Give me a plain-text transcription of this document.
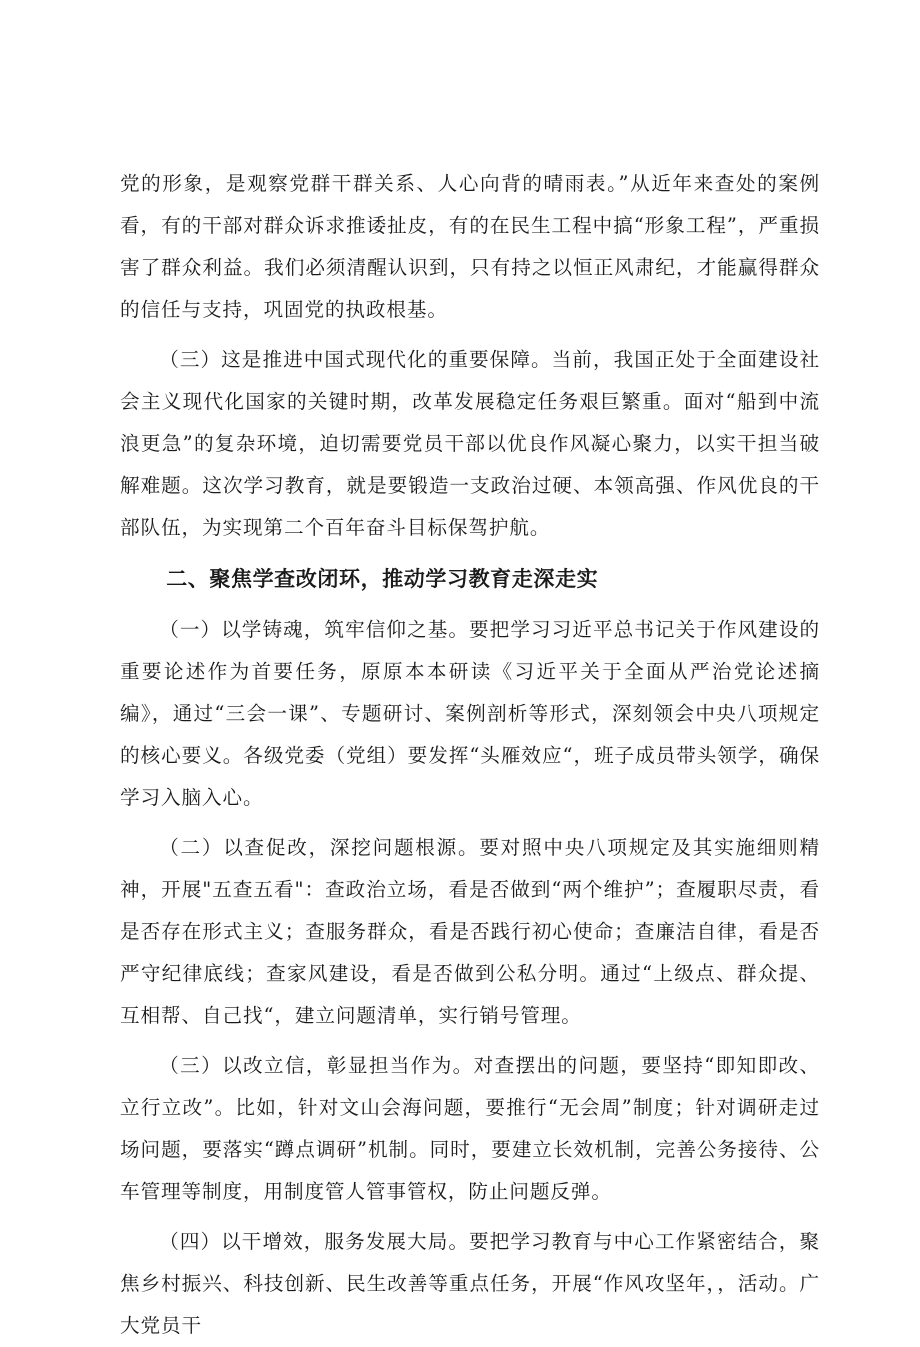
党的形象，是观察党群干群关系、人心向背的晴雨表。”从近年来查处的案例看，有的干部对群众诉求推诿扯皮，有的在民生工程中搞“形象工程”，严重损害了群众利益。我们必须清醒认识到，只有持之以恒正风肃纪，才能赢得群众的信任与支持，巩固党的执政根基。

（三）这是推进中国式现代化的重要保障。当前，我国正处于全面建设社会主义现代化国家的关键时期，改革发展稳定任务艰巨繁重。面对“船到中流浪更急”的复杂环境，迫切需要党员干部以优良作风凝心聚力，以实干担当破解难题。这次学习教育，就是要锻造一支政治过硬、本领高强、作风优良的干部队伍，为实现第二个百年奋斗目标保驾护航。

二、聚焦学查改闭环，推动学习教育走深走实

（一）以学铸魂，筑牢信仰之基。要把学习习近平总书记关于作风建设的重要论述作为首要任务，原原本本研读《习近平关于全面从严治党论述摘编》，通过“三会一课”、专题研讨、案例剖析等形式，深刻领会中央八项规定的核心要义。各级党委（党组）要发挥“头雁效应“，班子成员带头领学，确保学习入脑入心。

（二）以查促改，深挖问题根源。要对照中央八项规定及其实施细则精神，开展"五查五看"：查政治立场，看是否做到“两个维护”；查履职尽责，看是否存在形式主义；查服务群众，看是否践行初心使命；查廉洁自律，看是否严守纪律底线；查家风建设，看是否做到公私分明。通过“上级点、群众提、互相帮、自己找“，建立问题清单，实行销号管理。

（三）以改立信，彰显担当作为。对查摆出的问题，要坚持“即知即改、立行立改”。比如，针对文山会海问题，要推行“无会周”制度；针对调研走过场问题，要落实“蹲点调研”机制。同时，要建立长效机制，完善公务接待、公车管理等制度，用制度管人管事管权，防止问题反弹。

（四）以干增效，服务发展大局。要把学习教育与中心工作紧密结合，聚焦乡村振兴、科技创新、民生改善等重点任务，开展“作风攻坚年，，活动。广大党员干
